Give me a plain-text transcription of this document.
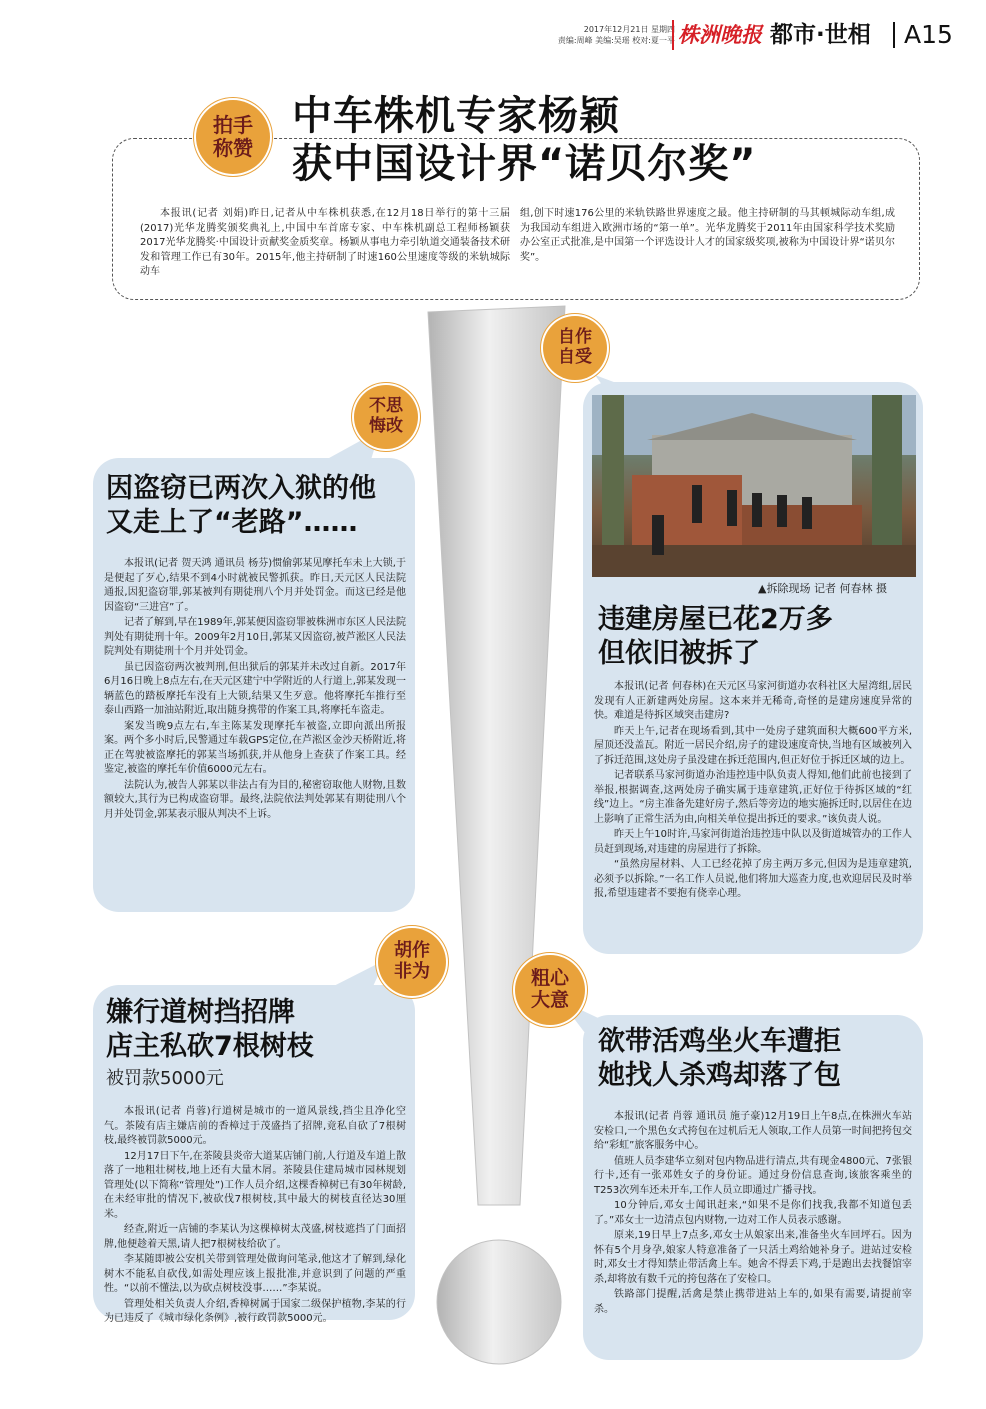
2017年12月21日 星期四
责编:周峰 美编:吴瑶 校对:夏一平 株洲晚报 都市·世相 A15
拍手
称赞
中车株机专家杨颖
获中国设计界“诺贝尔奖”
本报讯(记者 刘娟)昨日,记者从中车株机获悉,在12月18日举行的第十三届(2017)光华龙腾奖颁奖典礼上,中国中车首席专家、中车株机副总工程师杨颖获2017光华龙腾奖·中国设计贡献奖金质奖章。杨颖从事电力牵引轨道交通装备技术研发和管理工作已有30年。2015年,他主持研制了时速160公里速度等级的米轨城际动车
组,创下时速176公里的米轨铁路世界速度之最。他主持研制的马其顿城际动车组,成为我国动车组进入欧洲市场的“第一单”。光华龙腾奖于2011年由国家科学技术奖励办公室正式批准,是中国第一个评选设计人才的国家级奖项,被称为中国设计界“诺贝尔奖”。
自作
自受
▲拆除现场 记者 何春林 摄
违建房屋已花2万多
但依旧被拆了

本报讯(记者 何春林)在天元区马家河街道办农科社区大屋湾组,居民发现有人正新建两处房屋。这本来并无稀奇,奇怪的是建房速度异常的快。难道是待拆区域突击建房?

昨天上午,记者在现场看到,其中一处房子建筑面积大概600平方米,屋顶还没盖瓦。附近一居民介绍,房子的建设速度奇快,当地有区域被列入了拆迁范围,这处房子虽没建在拆迁范围内,但正好位于拆迁区域的边上。

记者联系马家河街道办治违控违中队负责人得知,他们此前也接到了举报,根据调查,这两处房子确实属于违章建筑,正好位于待拆区域的“红线”边上。“房主准备先建好房子,然后等旁边的地实施拆迁时,以居住在边上影响了正常生活为由,向相关单位提出拆迁的要求。”该负责人说。

昨天上午10时许,马家河街道治违控违中队以及街道城管办的工作人员赶到现场,对违建的房屋进行了拆除。

“虽然房屋材料、人工已经花掉了房主两万多元,但因为是违章建筑,必须予以拆除。”一名工作人员说,他们将加大巡查力度,也欢迎居民及时举报,希望违建者不要抱有侥幸心理。

不思
悔改
因盗窃已两次入狱的他
又走上了“老路”……

本报讯(记者 贺天鸿 通讯员 杨芬)惯偷郭某见摩托车未上大锁,于是便起了歹心,结果不到4小时就被民警抓获。昨日,天元区人民法院通报,因犯盗窃罪,郭某被判有期徒刑八个月并处罚金。而这已经是他因盗窃“三进宫”了。

记者了解到,早在1989年,郭某便因盗窃罪被株洲市东区人民法院判处有期徒刑十年。2009年2月10日,郭某又因盗窃,被芦淞区人民法院判处有期徒刑十个月并处罚金。

虽已因盗窃两次被判刑,但出狱后的郭某并未改过自新。2017年6月16日晚上8点左右,在天元区建宁中学附近的人行道上,郭某发现一辆蓝色的踏板摩托车没有上大锁,结果又生歹意。他将摩托车推行至泰山西路一加油站附近,取出随身携带的作案工具,将摩托车盗走。

案发当晚9点左右,车主陈某发现摩托车被盗,立即向派出所报案。两个多小时后,民警通过车载GPS定位,在芦淞区金沙天桥附近,将正在驾驶被盗摩托的郭某当场抓获,并从他身上查获了作案工具。经鉴定,被盗的摩托车价值6000元左右。

法院认为,被告人郭某以非法占有为目的,秘密窃取他人财物,且数额较大,其行为已构成盗窃罪。最终,法院依法判处郭某有期徒刑八个月并处罚金,郭某表示服从判决不上诉。

胡作
非为
嫌行道树挡招牌
店主私砍7根树枝
被罚款5000元

本报讯(记者 肖蓉)行道树是城市的一道风景线,挡尘且净化空气。茶陵有店主嫌店前的香樟过于茂盛挡了招牌,竟私自砍了7根树枝,最终被罚款5000元。

12月17日下午,在茶陵县炎帝大道某店铺门前,人行道及车道上散落了一地粗壮树枝,地上还有大量木屑。茶陵县住建局城市园林规划管理处(以下简称“管理处”)工作人员介绍,这棵香樟树已有30年树龄,在未经审批的情况下,被砍伐7根树枝,其中最大的树枝直径达30厘米。

经查,附近一店铺的李某认为这棵樟树太茂盛,树枝遮挡了门面招牌,他便趁着天黑,请人把7根树枝给砍了。

李某随即被公安机关带到管理处做询问笔录,他这才了解到,绿化树木不能私自砍伐,如需处理应该上报批准,并意识到了问题的严重性。“以前不懂法,以为砍点树枝没事……”李某说。

管理处相关负责人介绍,香樟树属于国家二级保护植物,李某的行为已违反了《城市绿化条例》,被行政罚款5000元。

粗心
大意
欲带活鸡坐火车遭拒
她找人杀鸡却落了包

本报讯(记者 肖蓉 通讯员 施子豪)12月19日上午8点,在株洲火车站安检口,一个黑色女式挎包在过机后无人领取,工作人员第一时间把挎包交给“彩虹”旅客服务中心。

值班人员李建华立刻对包内物品进行清点,共有现金4800元、7张银行卡,还有一张邓姓女子的身份证。通过身份信息查询,该旅客乘坐的T253次列车还未开车,工作人员立即通过广播寻找。

10分钟后,邓女士闻讯赶来,“如果不是你们找我,我都不知道包丢了。”邓女士一边清点包内财物,一边对工作人员表示感谢。

原来,19日早上7点多,邓女士从娘家出来,准备坐火车回坪石。因为怀有5个月身孕,娘家人特意准备了一只活土鸡给她补身子。进站过安检时,邓女士才得知禁止带活禽上车。她舍不得丢下鸡,于是跑出去找餐馆宰杀,却将放有数千元的挎包落在了安检口。

铁路部门提醒,活禽是禁止携带进站上车的,如果有需要,请提前宰杀。
